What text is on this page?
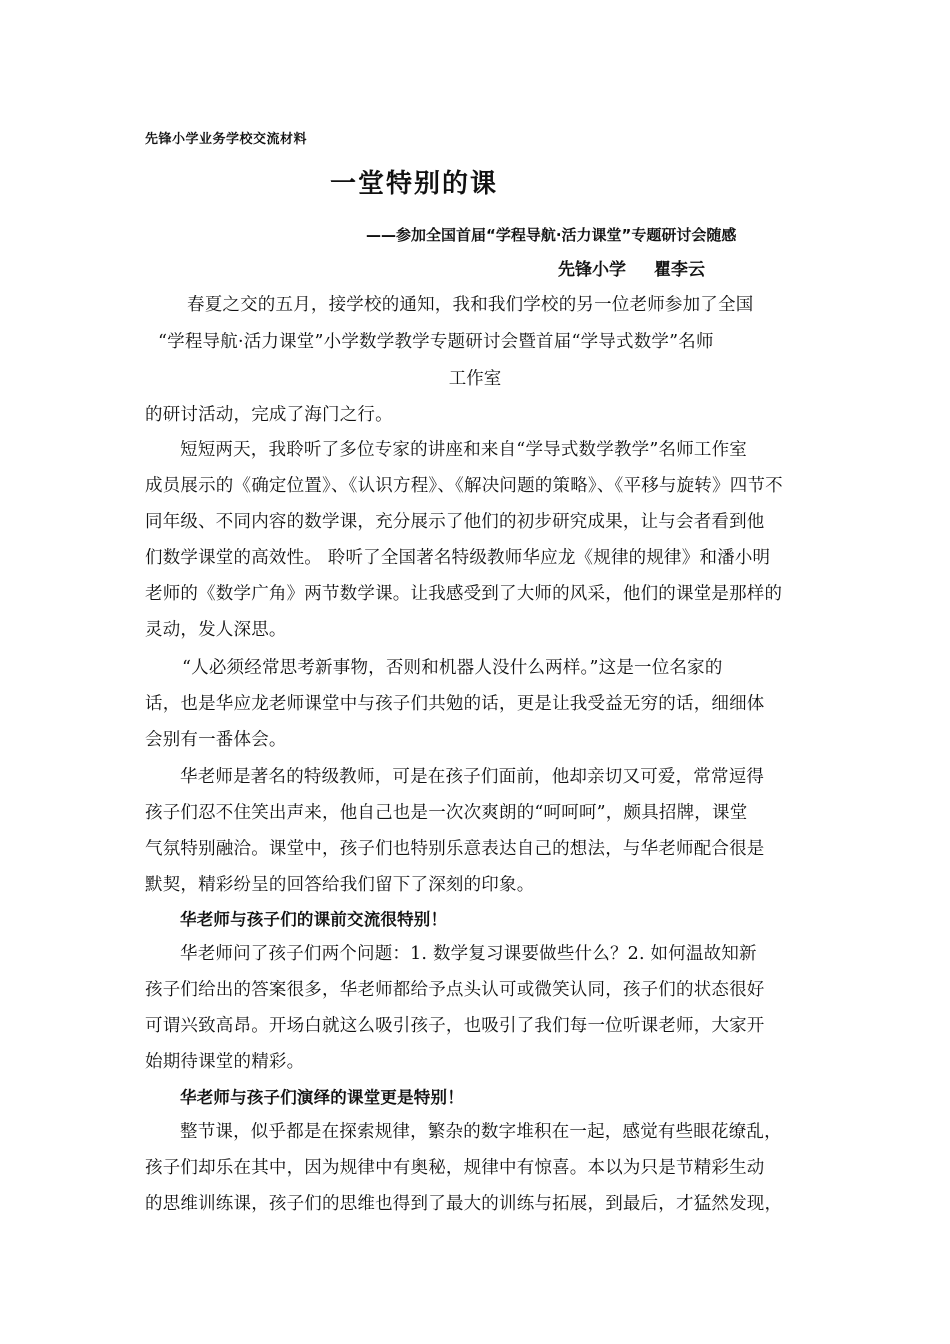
先锋小学业务学校交流材料
一堂特别的课
——参加全国首届“学程导航·活力课堂”专题研讨会随感
先锋小学 瞿李云
春夏之交的五月，接学校的通知，我和我们学校的另一位老师参加了全国
“学程导航·活力课堂”小学数学教学专题研讨会暨首届“学导式数学”名师
工作室
的研讨活动，完成了海门之行。
短短两天，我聆听了多位专家的讲座和来自“学导式数学教学”名师工作室
成员展示的《确定位置》、《认识方程》、《解决问题的策略》、《平移与旋转》四节不
同年级、不同内容的数学课，充分展示了他们的初步研究成果，让与会者看到他
们数学课堂的高效性。 聆听了全国著名特级教师华应龙《规律的规律》和潘小明
老师的《数学广角》两节数学课。让我感受到了大师的风采，他们的课堂是那样的
灵动，发人深思。
“人必须经常思考新事物，否则和机器人没什么两样。”这是一位名家的
话，也是华应龙老师课堂中与孩子们共勉的话，更是让我受益无穷的话，细细体
会别有一番体会。
华老师是著名的特级教师，可是在孩子们面前，他却亲切又可爱，常常逗得
孩子们忍不住笑出声来，他自己也是一次次爽朗的“呵呵呵”，颇具招牌，课堂
气氛特别融洽。课堂中，孩子们也特别乐意表达自己的想法，与华老师配合很是
默契，精彩纷呈的回答给我们留下了深刻的印象。
华老师与孩子们的课前交流很特别！
华老师问了孩子们两个问题：1. 数学复习课要做些什么？2. 如何温故知新
孩子们给出的答案很多，华老师都给予点头认可或微笑认同，孩子们的状态很好
可谓兴致高昂。开场白就这么吸引孩子，也吸引了我们每一位听课老师，大家开
始期待课堂的精彩。
华老师与孩子们演绎的课堂更是特别！
整节课，似乎都是在探索规律，繁杂的数字堆积在一起，感觉有些眼花缭乱，
孩子们却乐在其中，因为规律中有奥秘，规律中有惊喜。本以为只是节精彩生动
的思维训练课，孩子们的思维也得到了最大的训练与拓展，到最后，才猛然发现，
